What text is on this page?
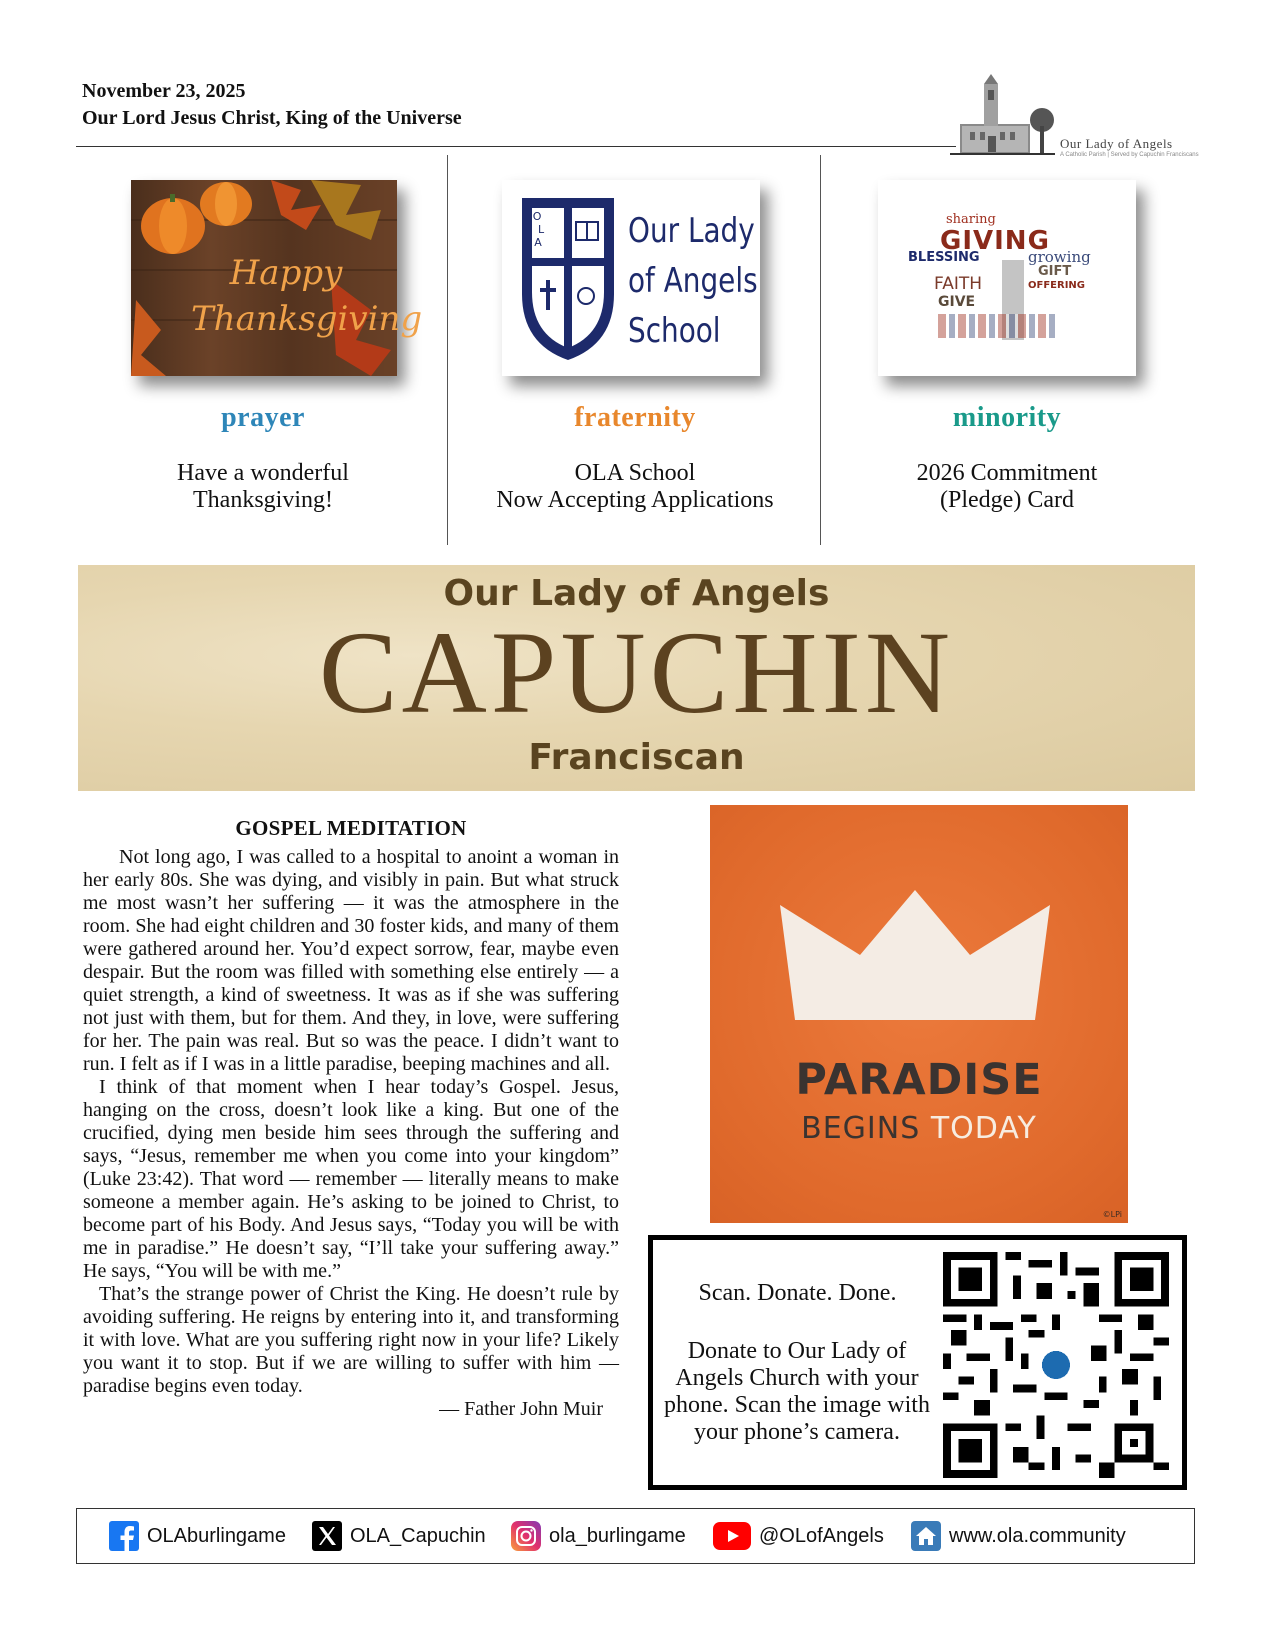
November 23, 2025
Our Lord Jesus Christ, King of the Universe
Our Lady of Angels
A Catholic Parish | Served by Capuchin Franciscans
Happy
Thanksgiving
prayer
Have a wonderful
Thanksgiving!
O
L
A	Our Lady
of Angels
School
fraternity
OLA School
Now Accepting Applications
GIVING
BLESSING
sharing
growing
GIFT
FAITH	OFFERING
GIVE
minority
2026 Commitment
(Pledge) Card
Our Lady of Angels
CAPUCHIN
Franciscan
GOSPEL MEDITATION

Not long ago, I was called to a hospital to anoint a woman in her early 80s. She was dying, and visibly in pain. But what struck me most wasn’t her suffering — it was the atmosphere in the room. She had eight children and 30 foster kids, and many of them were gathered around her. You’d expect sorrow, fear, maybe even despair. But the room was filled with something else entirely — a quiet strength, a kind of sweetness. It was as if she was suffering not just with them, but for them. And they, in love, were suffering for her. The pain was real. But so was the peace. I didn’t want to run. I felt as if I was in a little paradise, beeping machines and all.

I think of that moment when I hear today’s Gospel. Jesus, hanging on the cross, doesn’t look like a king. But one of the crucified, dying men beside him sees through the suffering and says, “Jesus, remember me when you come into your kingdom” (Luke 23:42). That word — remember — literally means to make someone a member again. He’s asking to be joined to Christ, to become part of his Body. And Jesus says, “Today you will be with me in paradise.” He doesn’t say, “I’ll take your suffering away.” He says, “You will be with me.”

That’s the strange power of Christ the King. He doesn’t rule by avoiding suffering. He reigns by entering into it, and transforming it with love. What are you suffering right now in your life? Likely you want it to stop. But if we are willing to suffer with him — paradise begins even today.

— Father John Muir
PARADISE
BEGINS TODAY
©LPi
Scan. Donate. Done.
Donate to Our Lady of Angels Church with your phone. Scan the image with your phone’s camera.
OLAburlingame	OLA_Capuchin	ola_burlingame	@OLofAngels	www.ola.community
